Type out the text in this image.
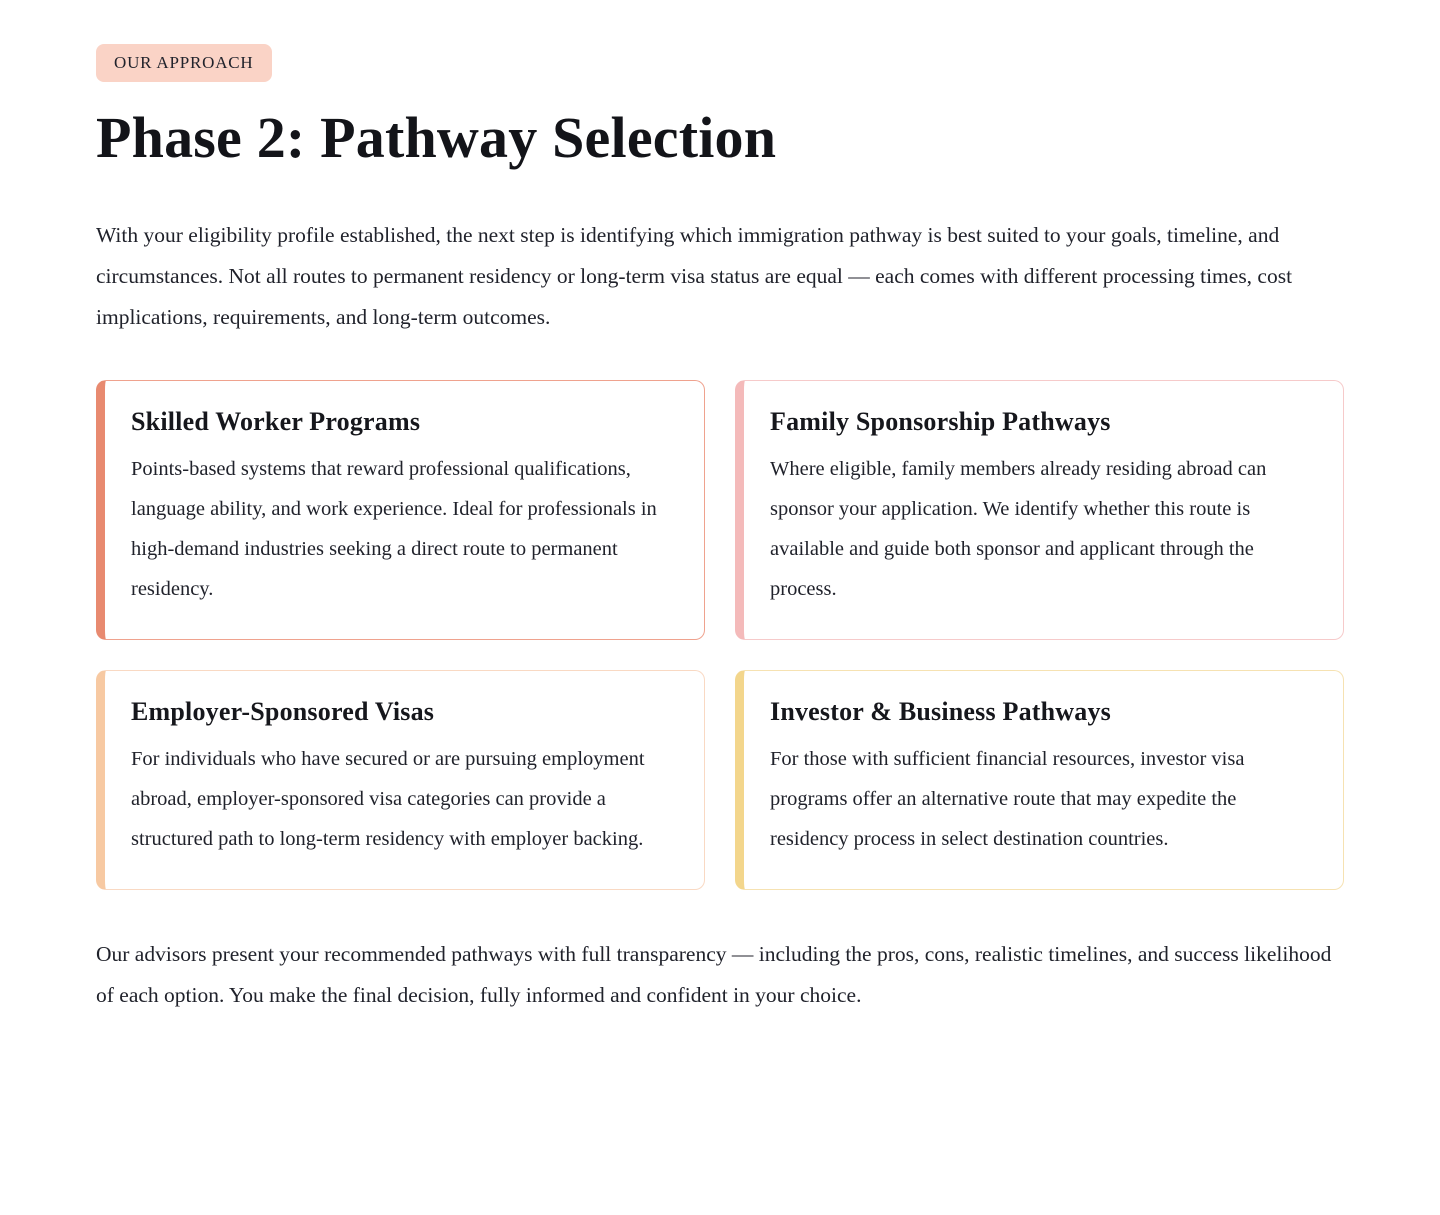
OUR APPROACH
Phase 2: Pathway Selection

With your eligibility profile established, the next step is identifying which immigration pathway is best suited to your goals, timeline, and circumstances. Not all routes to permanent residency or long-term visa status are equal — each comes with different processing times, cost implications, requirements, and long-term outcomes.

Skilled Worker Programs

Points-based systems that reward professional qualifications, language ability, and work experience. Ideal for professionals in high-demand industries seeking a direct route to permanent residency.

Family Sponsorship Pathways

Where eligible, family members already residing abroad can sponsor your application. We identify whether this route is available and guide both sponsor and applicant through the process.

Employer-Sponsored Visas

For individuals who have secured or are pursuing employment abroad, employer-sponsored visa categories can provide a structured path to long-term residency with employer backing.

Investor & Business Pathways

For those with sufficient financial resources, investor visa programs offer an alternative route that may expedite the residency process in select destination countries.

Our advisors present your recommended pathways with full transparency — including the pros, cons, realistic timelines, and success likelihood of each option. You make the final decision, fully informed and confident in your choice.
